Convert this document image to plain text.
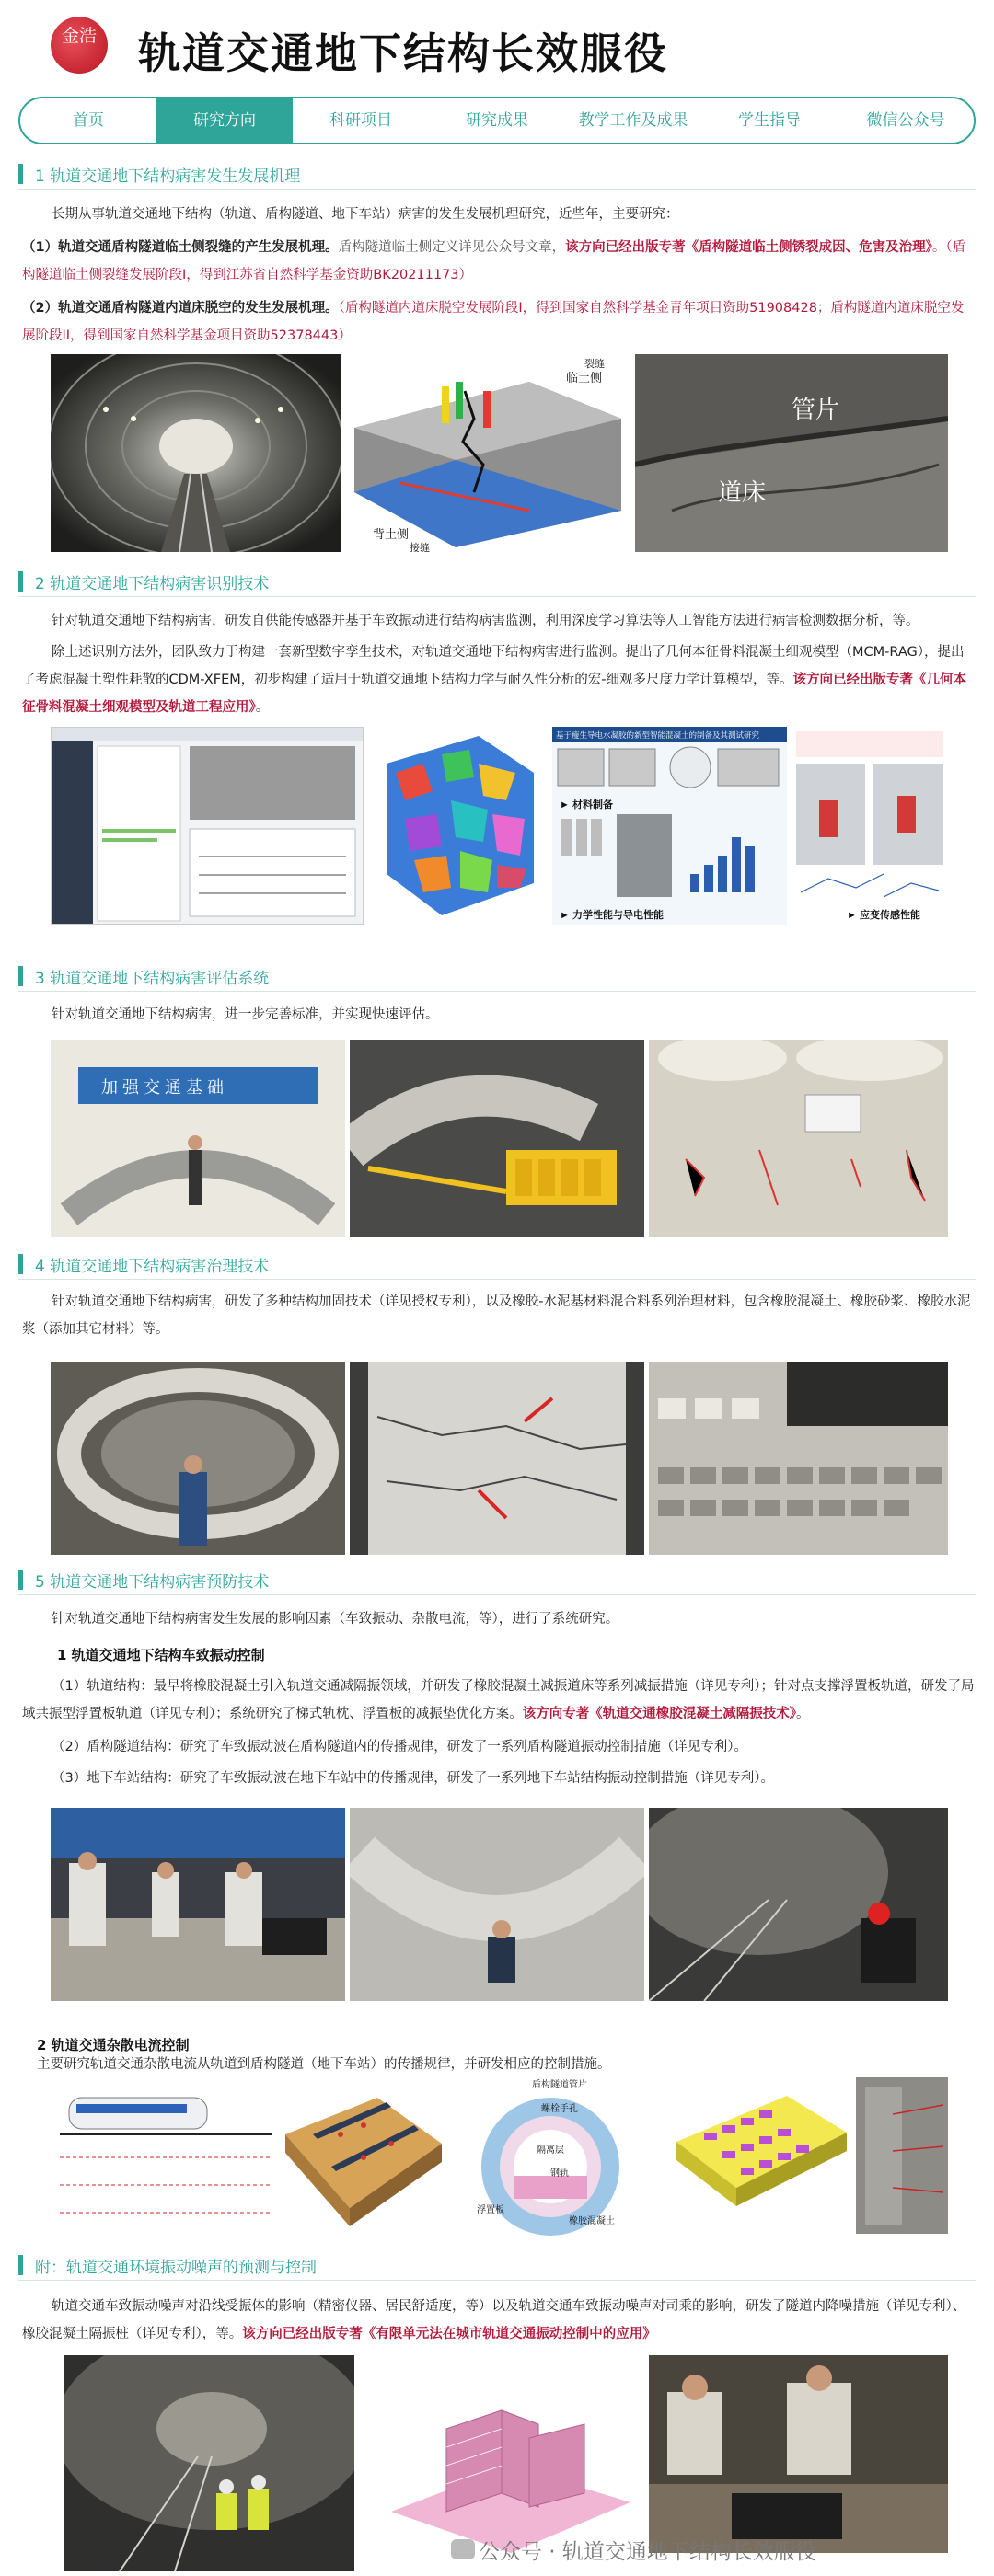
金浩 轨道交通地下结构长效服役
首页	研究方向	科研项目	研究成果	教学工作及成果	学生指导	微信公众号
1 轨道交通地下结构病害发生发展机理
长期从事轨道交通地下结构（轨道、盾构隧道、地下车站）病害的发生发展机理研究，近些年，主要研究：
（1）轨道交通盾构隧道临土侧裂缝的产生发展机理。盾构隧道临土侧定义详见公众号文章，该方向已经出版专著《盾构隧道临土侧锈裂成因、危害及治理》。（盾构隧道临土侧裂缝发展阶段I，得到江苏省自然科学基金资助BK20211173）
（2）轨道交通盾构隧道内道床脱空的发生发展机理。（盾构隧道内道床脱空发展阶段I，得到国家自然科学基金青年项目资助51908428；盾构隧道内道床脱空发展阶段II，得到国家自然科学基金项目资助52378443）
临土侧
裂缝
背土侧
接缝
管片
道床
2 轨道交通地下结构病害识别技术
针对轨道交通地下结构病害，研发自供能传感器并基于车致振动进行结构病害监测，利用深度学习算法等人工智能方法进行病害检测数据分析，等。
除上述识别方法外，团队致力于构建一套新型数字孪生技术，对轨道交通地下结构病害进行监测。提出了几何本征骨料混凝土细观模型（MCM-RAG），提出了考虑混凝土塑性耗散的CDM-XFEM，初步构建了适用于轨道交通地下结构力学与耐久性分析的宏-细观多尺度力学计算模型，等。该方向已经出版专著《几何本征骨料混凝土细观模型及轨道工程应用》。
基于瘦生导电水凝胶的新型智能混凝土的制备及其测试研究
► 材料制备
► 力学性能与导电性能	► 应变传感性能
3 轨道交通地下结构病害评估系统
针对轨道交通地下结构病害，进一步完善标准，并实现快速评估。
加 强 交 通 基 础
4 轨道交通地下结构病害治理技术
针对轨道交通地下结构病害，研发了多种结构加固技术（详见授权专利），以及橡胶-水泥基材料混合料系列治理材料，包含橡胶混凝土、橡胶砂浆、橡胶水泥浆（添加其它材料）等。
5 轨道交通地下结构病害预防技术
针对轨道交通地下结构病害发生发展的影响因素（车致振动、杂散电流，等），进行了系统研究。
1 轨道交通地下结构车致振动控制
（1）轨道结构：最早将橡胶混凝土引入轨道交通减隔振领域，并研发了橡胶混凝土减振道床等系列减振措施（详见专利）；针对点支撑浮置板轨道，研发了局域共振型浮置板轨道（详见专利）；系统研究了梯式轨枕、浮置板的减振垫优化方案。该方向专著《轨道交通橡胶混凝土减隔振技术》。
（2）盾构隧道结构：研究了车致振动波在盾构隧道内的传播规律，研发了一系列盾构隧道振动控制措施（详见专利）。
（3）地下车站结构：研究了车致振动波在地下车站中的传播规律，研发了一系列地下车站结构振动控制措施（详见专利）。
2 轨道交通杂散电流控制
主要研究轨道交通杂散电流从轨道到盾构隧道（地下车站）的传播规律，并研发相应的控制措施。
盾构隧道管片
螺栓手孔
隔离层
钢轨
橡胶混凝土
浮置板
附：轨道交通环境振动噪声的预测与控制
轨道交通车致振动噪声对沿线受振体的影响（精密仪器、居民舒适度，等）以及轨道交通车致振动噪声对司乘的影响，研发了隧道内降噪措施（详见专利）、橡胶混凝土隔振桩（详见专利），等。该方向已经出版专著《有限单元法在城市轨道交通振动控制中的应用》
公众号 · 轨道交通地下结构长效服役
